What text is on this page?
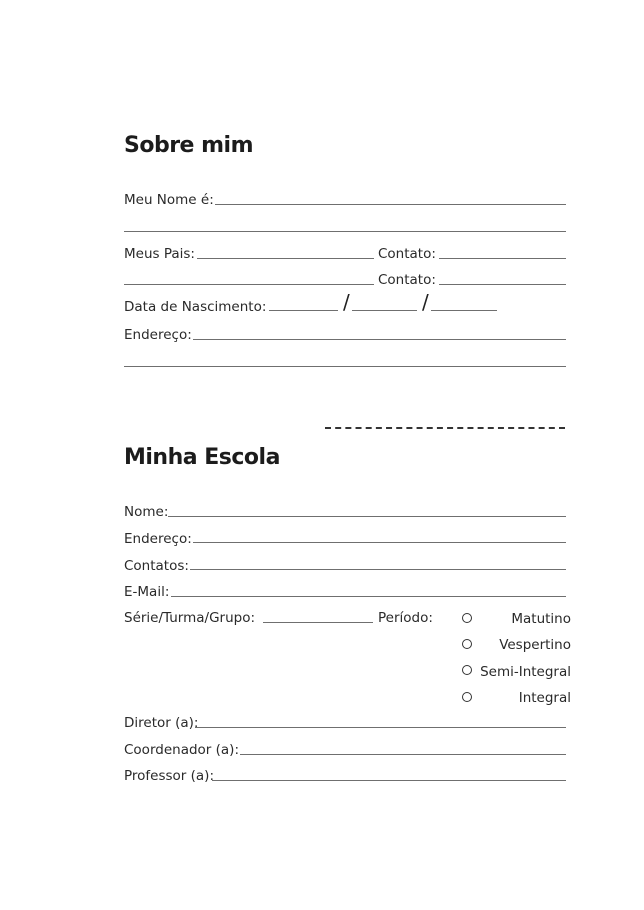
Sobre mim
Meu Nome é:
Meus Pais:	Contato:
Contato:
Data de Nascimento:	/	/
Endereço:
Minha Escola
Nome:
Endereço:
Contatos:
E-Mail:
Série/Turma/Grupo:	Período:	Matutino
Vespertino
Semi-Integral
Integral
Diretor (a):
Coordenador (a):
Professor (a):
